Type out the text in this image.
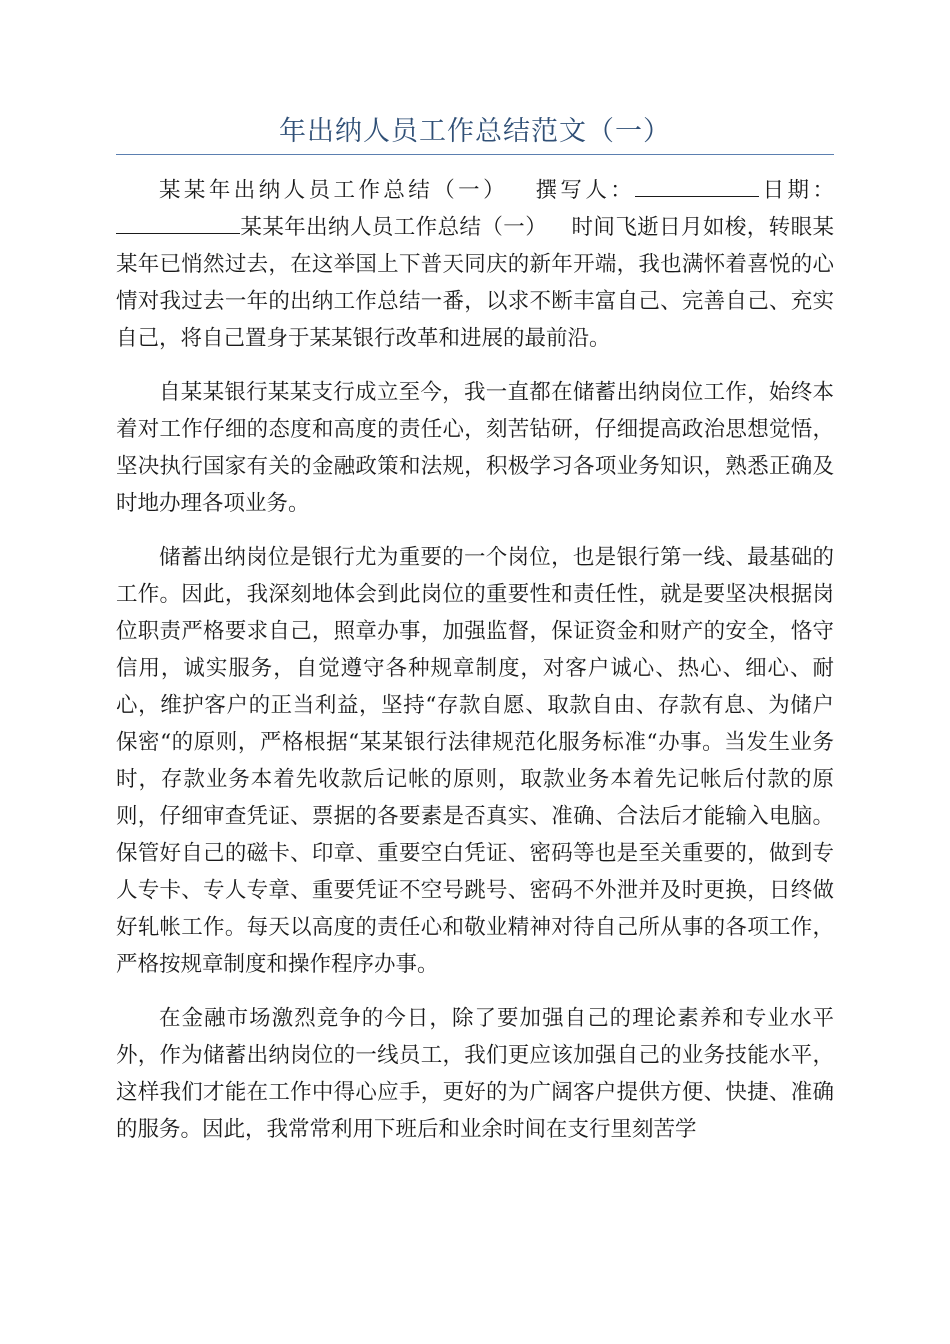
年出纳人员工作总结范文（一）

某某年出纳人员工作总结（一） 撰写人：	日期：某某年出纳人员工作总结（一） 时间飞逝日月如梭，转眼某某年已悄然过去，在这举国上下普天同庆的新年开端，我也满怀着喜悦的心情对我过去一年的出纳工作总结一番，以求不断丰富自己、完善自己、充实自己，将自己置身于某某银行改革和进展的最前沿。

自某某银行某某支行成立至今，我一直都在储蓄出纳岗位工作，始终本着对工作仔细的态度和高度的责任心，刻苦钻研，仔细提高政治思想觉悟，坚决执行国家有关的金融政策和法规，积极学习各项业务知识，熟悉正确及时地办理各项业务。

储蓄出纳岗位是银行尤为重要的一个岗位，也是银行第一线、最基础的工作。因此，我深刻地体会到此岗位的重要性和责任性，就是要坚决根据岗位职责严格要求自己，照章办事，加强监督，保证资金和财产的安全，恪守信用，诚实服务，自觉遵守各种规章制度，对客户诚心、热心、细心、耐心，维护客户的正当利益，坚持“存款自愿、取款自由、存款有息、为储户保密“的原则，严格根据“某某银行法律规范化服务标准“办事。当发生业务时，存款业务本着先收款后记帐的原则，取款业务本着先记帐后付款的原则，仔细审查凭证、票据的各要素是否真实、准确、合法后才能输入电脑。保管好自己的磁卡、印章、重要空白凭证、密码等也是至关重要的，做到专人专卡、专人专章、重要凭证不空号跳号、密码不外泄并及时更换，日终做好轧帐工作。每天以高度的责任心和敬业精神对待自己所从事的各项工作，严格按规章制度和操作程序办事。

在金融市场激烈竞争的今日，除了要加强自己的理论素养和专业水平外，作为储蓄出纳岗位的一线员工，我们更应该加强自己的业务技能水平，这样我们才能在工作中得心应手，更好的为广阔客户提供方便、快捷、准确的服务。因此，我常常利用下班后和业余时间在支行里刻苦学
